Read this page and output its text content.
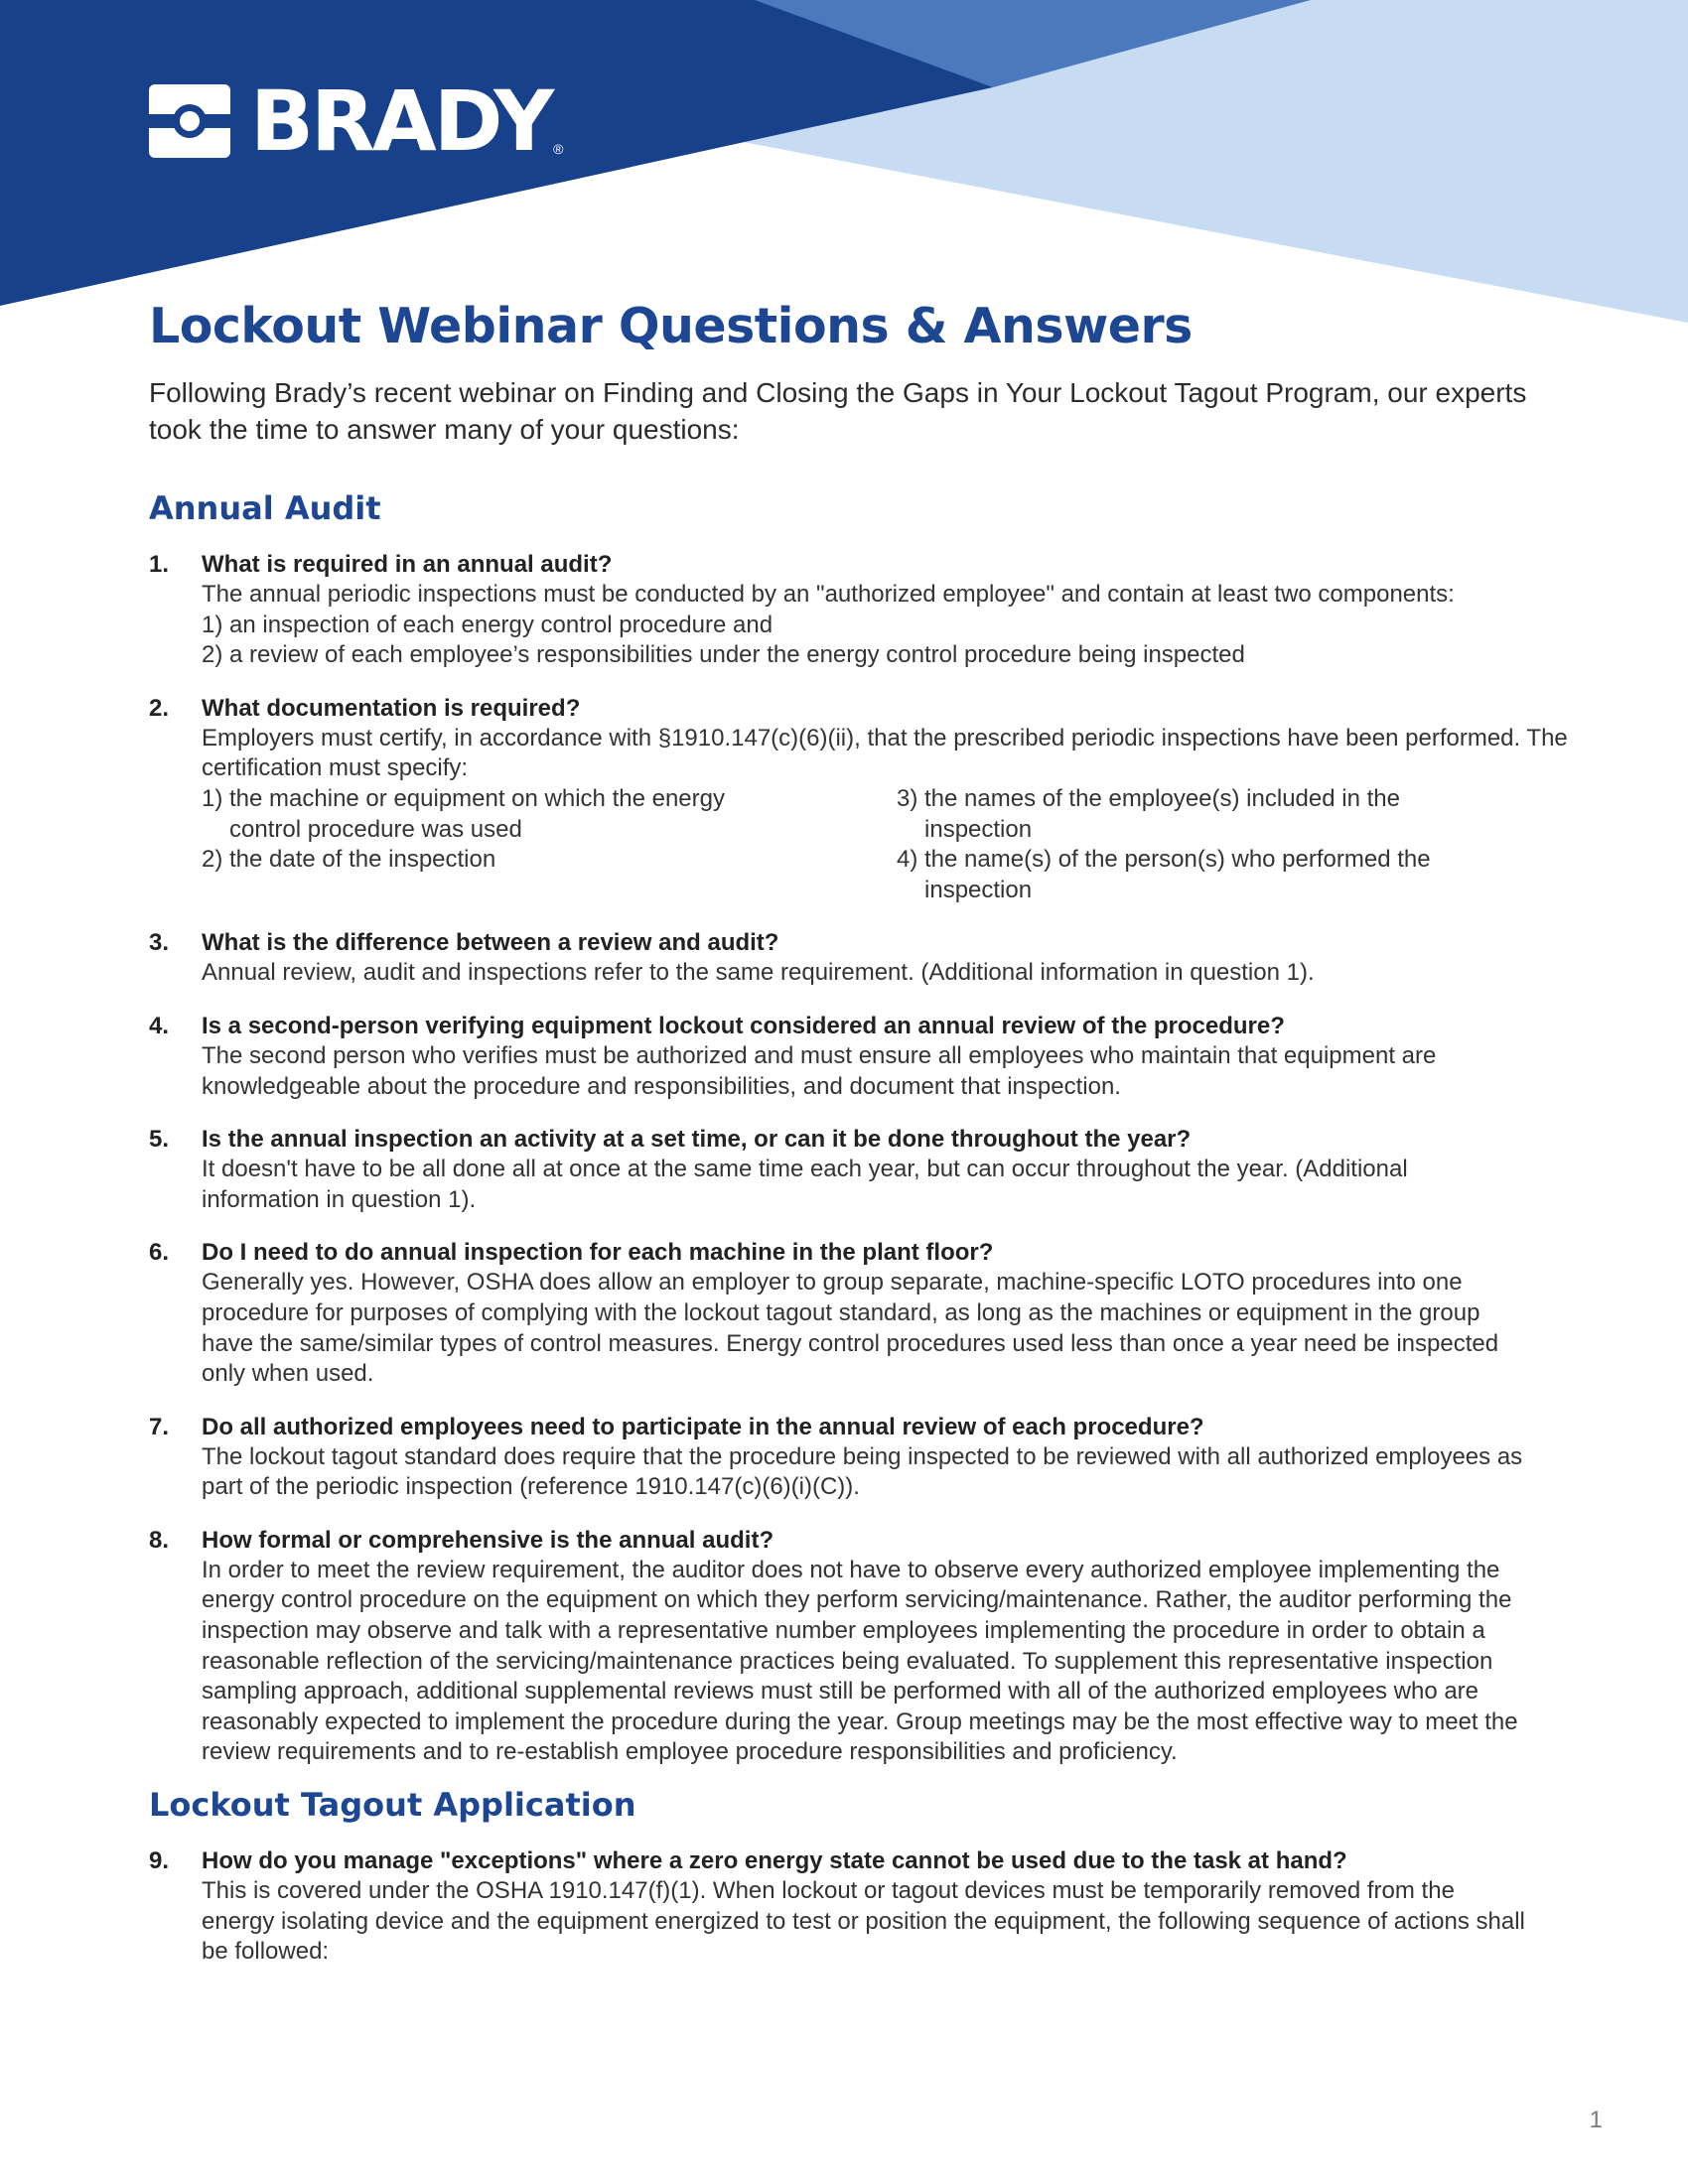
BRADY ®
Lockout Webinar Questions & Answers

Following Brady’s recent webinar on Finding and Closing the Gaps in Your Lockout Tagout Program, our experts took the time to answer many of your questions:

Annual Audit
1.	What is required in an annual audit?
The annual periodic inspections must be conducted by an "authorized employee" and contain at least two components:
1) an inspection of each energy control procedure and
2) a review of each employee’s responsibilities under the energy control procedure being inspected
2.	What documentation is required?
Employers must certify, in accordance with §1910.147(c)(6)(ii), that the prescribed periodic inspections have been performed. The certification must specify:
1) the machine or equipment on which the energy control procedure was used
2) the date of the inspection
3) the names of the employee(s) included in the inspection
4) the name(s) of the person(s) who performed the inspection
3.	What is the difference between a review and audit?
Annual review, audit and inspections refer to the same requirement. (Additional information in question 1).
4.	Is a second-person verifying equipment lockout considered an annual review of the procedure?
The second person who verifies must be authorized and must ensure all employees who maintain that equipment are knowledgeable about the procedure and responsibilities, and document that inspection.
5.	Is the annual inspection an activity at a set time, or can it be done throughout the year?
It doesn't have to be all done all at once at the same time each year, but can occur throughout the year. (Additional information in question 1).
6.	Do I need to do annual inspection for each machine in the plant floor?
Generally yes. However, OSHA does allow an employer to group separate, machine-specific LOTO procedures into one procedure for purposes of complying with the lockout tagout standard, as long as the machines or equipment in the group have the same/similar types of control measures. Energy control procedures used less than once a year need be inspected only when used.
7.	Do all authorized employees need to participate in the annual review of each procedure?
The lockout tagout standard does require that the procedure being inspected to be reviewed with all authorized employees as part of the periodic inspection (reference 1910.147(c)(6)(i)(C)).
8.	How formal or comprehensive is the annual audit?
In order to meet the review requirement, the auditor does not have to observe every authorized employee implementing the energy control procedure on the equipment on which they perform servicing/maintenance. Rather, the auditor performing the inspection may observe and talk with a representative number employees implementing the procedure in order to obtain a reasonable reflection of the servicing/maintenance practices being evaluated. To supplement this representative inspection sampling approach, additional supplemental reviews must still be performed with all of the authorized employees who are reasonably expected to implement the procedure during the year. Group meetings may be the most effective way to meet the review requirements and to re-establish employee procedure responsibilities and proficiency.
Lockout Tagout Application
9.	How do you manage "exceptions" where a zero energy state cannot be used due to the task at hand?
This is covered under the OSHA 1910.147(f)(1). When lockout or tagout devices must be temporarily removed from the energy isolating device and the equipment energized to test or position the equipment, the following sequence of actions shall be followed:
1
